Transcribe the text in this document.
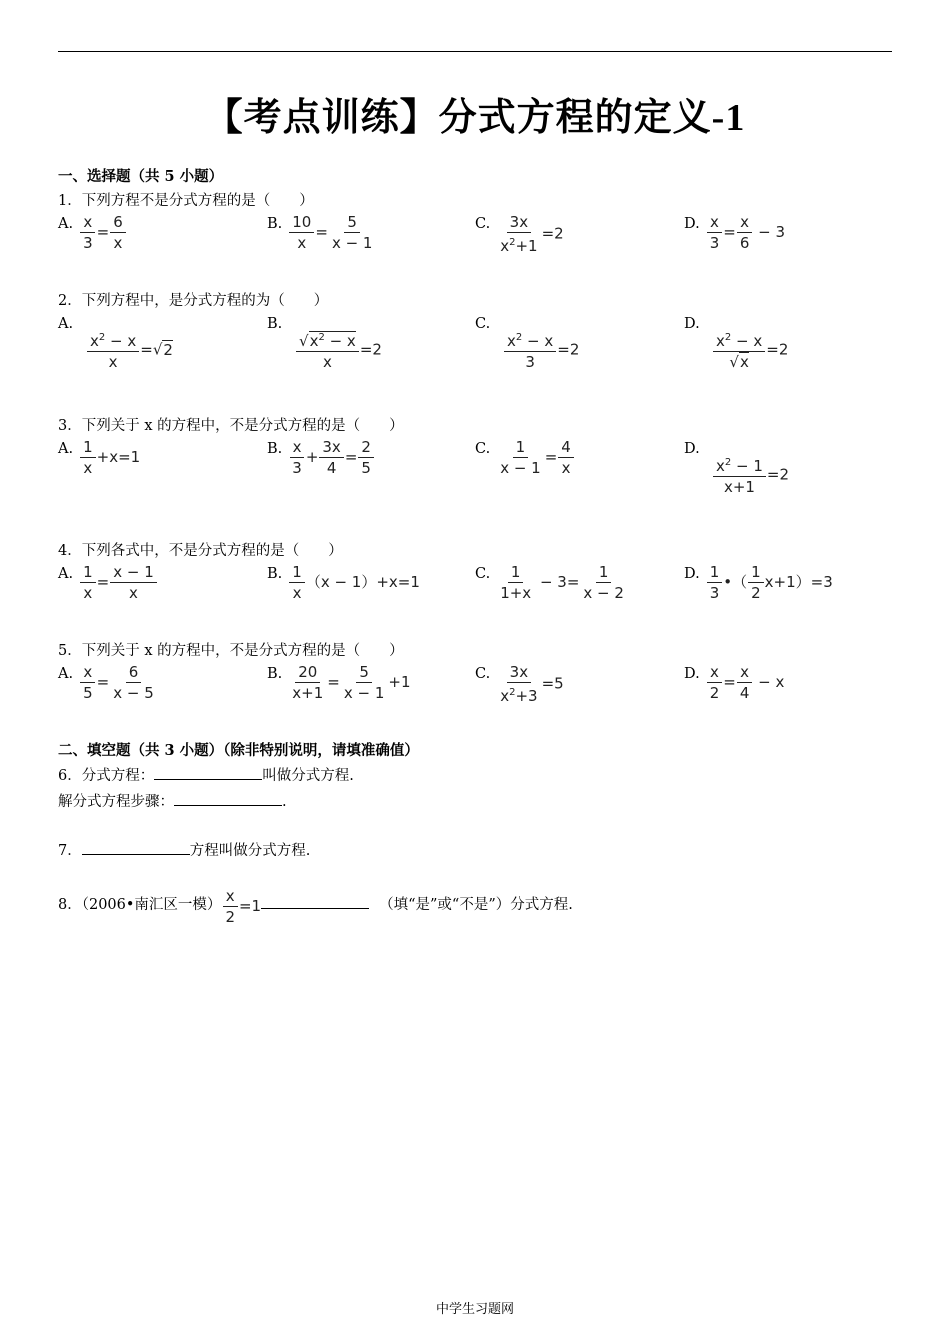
【考点训练】分式方程的定义-1
一、选择题（共 5 小题）
1．下列方程不是分式方程的是（　　）
A. $\frac{x}{3} = \frac{6}{x}$	B. $\frac{10}{x} = \frac{5}{x - 1}$	C. $\frac{3x}{x^2+1} =2$
D. $\frac{x}{3} = \frac{x}{6} - 3$
2．下列方程中，是分式方程的为（　　）
A.

$\frac{x^2 - x}{x} =√2$
B.

$\frac{√x^2 - x}{x} =2$
C.

$\frac{x^2 - x}{3} =2$
D.

$\frac{x^2 - x}{√x} =2$
3．下列关于 x 的方程中，不是分式方程的是（　　）
A. $\frac{1}{x} +x=1$	B. $\frac{x}{3} + \frac{3x}{4} = \frac{2}{5}$	C. $\frac{1}{x - 1} = \frac{4}{x}$	D.

$\frac{x^2 - 1}{x+1} =2$
4．下列各式中，不是分式方程的是（　　）
A. $\frac{1}{x} = \frac{x - 1}{x}$	B. $\frac{1}{x} (x - 1)+x=1$	C. $\frac{1}{1+x} - 3= \frac{1}{x - 2}$	D. $\frac{1}{3}$ •（ $\frac{1}{2} x+1)=3$
5．下列关于 x 的方程中，不是分式方程的是（　　）
A. $\frac{x}{5} = \frac{6}{x - 5}$	B. $\frac{20}{x+1} = \frac{5}{x - 1} +1$	C. $\frac{3x}{x^2+3} =5$
D. $\frac{x}{2} = \frac{x}{4} - x$
二、填空题（共 3 小题）（除非特别说明，请填准确值）
6．分式方程：	叫做分式方程.
解分式方程步骤：	.
7．	方程叫做分式方程.
8．（2006•南汇区一模） $\frac{x}{2} =1$	（填“是”或“不是”）分式方程.
中学生习题网
